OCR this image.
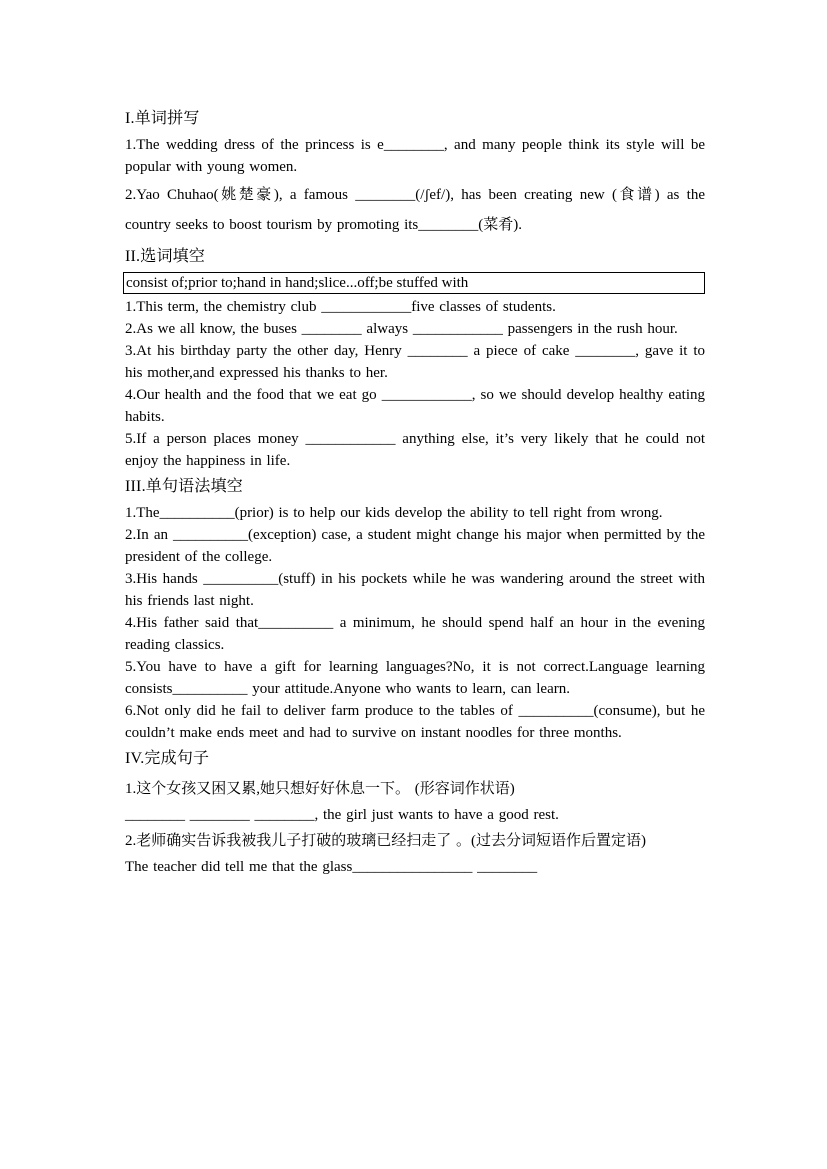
I.单词拼写

1.The wedding dress of the princess is e________, and many people think its style will be popular with young women.

2.Yao Chuhao(姚楚豪), a famous ________(/ʃef/), has been creating new (食谱) as the country seeks to boost tourism by promoting its________(菜肴).

II.选词填空
consist of;prior to;hand in hand;slice...off;be stuffed with

1.This term, the chemistry club ____________five classes of students.

2.As we all know, the buses ________ always ____________ passengers in the rush hour.

3.At his birthday party the other day, Henry ________ a piece of cake ________, gave it to his mother,and expressed his thanks to her.

4.Our health and the food that we eat go ____________, so we should develop healthy eating habits.

5.If a person places money ____________ anything else, it’s very likely that he could not enjoy the happiness in life.

III.单句语法填空

1.The__________(prior) is to help our kids develop the ability to tell right from wrong.

2.In an __________(exception) case, a student might change his major when permitted by the president of the college.

3.His hands __________(stuff) in his pockets while he was wandering around the street with his friends last night.

4.His father said that__________ a minimum, he should spend half an hour in the evening reading classics.

5.You have to have a gift for learning languages?No, it is not correct.Language learning consists__________ your attitude.Anyone who wants to learn, can learn.

6.Not only did he fail to deliver farm produce to the tables of __________(consume), but he couldn’t make ends meet and had to survive on instant noodles for three months.

IV.完成句子

1.这个女孩又困又累,她只想好好休息一下。 (形容词作状语)

________ ________ ________, the girl just wants to have a good rest.

2.老师确实告诉我被我儿子打破的玻璃已经扫走了 。(过去分词短语作后置定语)

The teacher did tell me that the glass________________ ________
